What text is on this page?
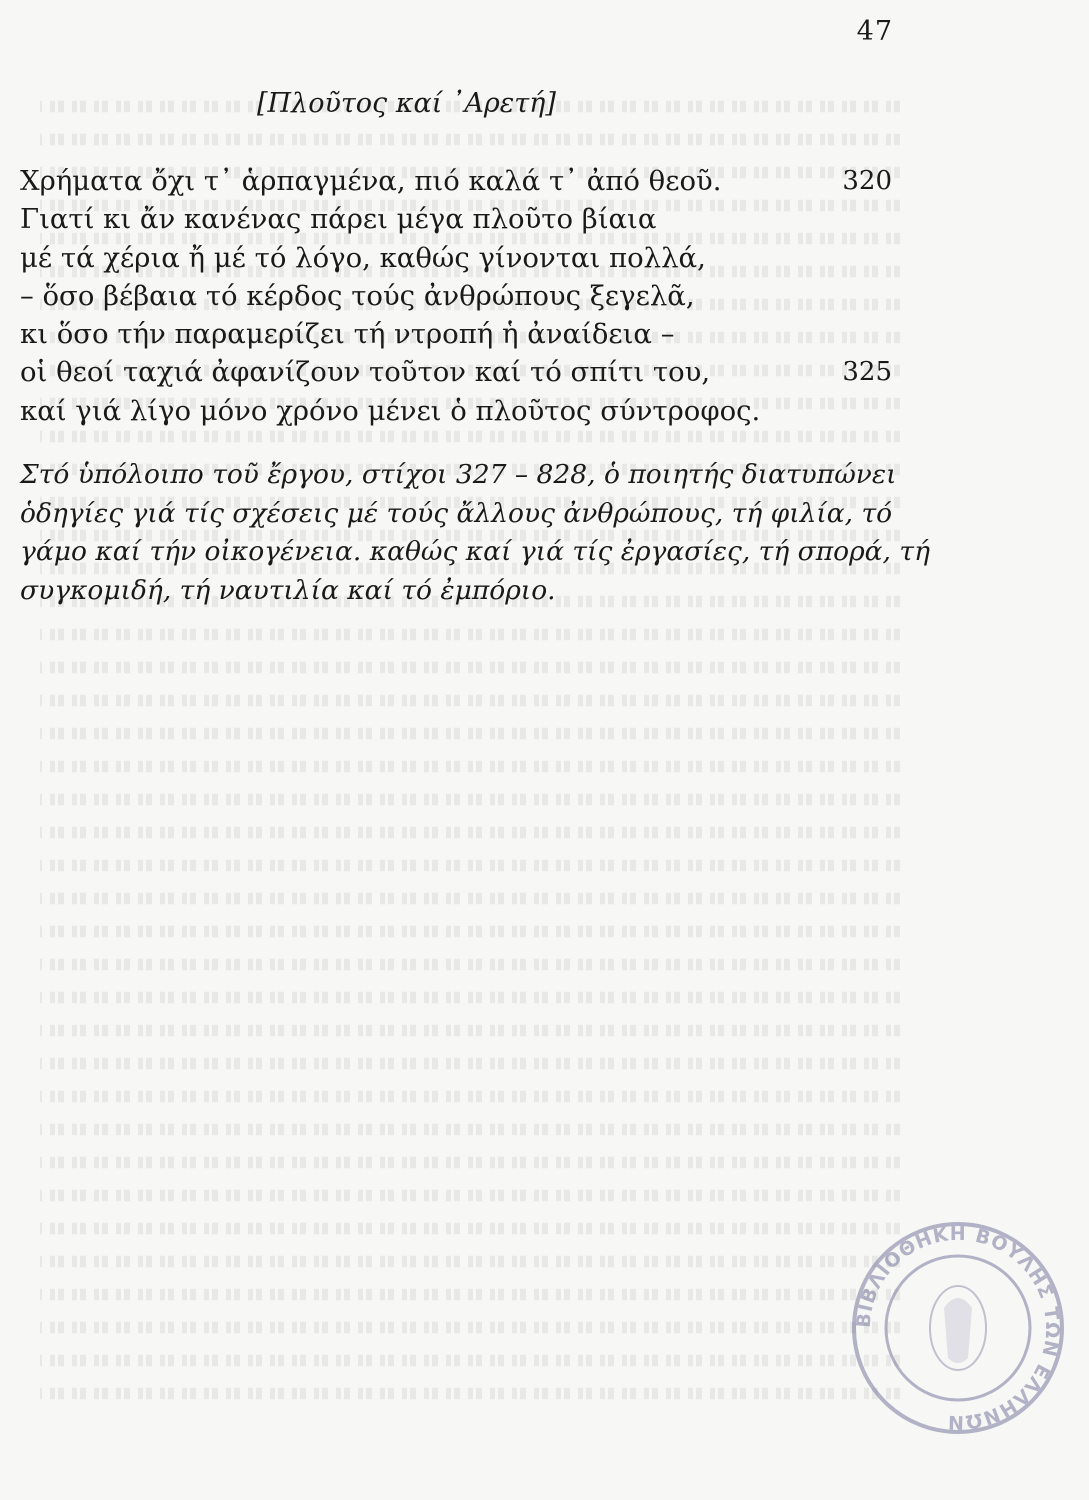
47
[Πλοῦτος καί ᾿Αρετή]
Χρήματα ὄχι τ᾿ ἁρπαγμένα, πιό καλά τ᾿ ἀπό θεοῦ.	320
Γιατί κι ἄν κανένας πάρει μέγα πλοῦτο βίαια
μέ τά χέρια ἤ μέ τό λόγο, καθώς γίνονται πολλά,
– ὅσο βέβαια τό κέρδος τούς ἀνθρώπους ξεγελᾶ,
κι ὅσο τήν παραμερίζει τή ντροπή ἡ ἀναίδεια –
οἱ θεοί ταχιά ἀφανίζουν τοῦτον καί τό σπίτι του,	325
καί γιά λίγο μόνο χρόνο μένει ὁ πλοῦτος σύντροφος.
Στό ὑπόλοιπο τοῦ ἔργου, στίχοι 327 – 828, ὁ ποιητής διατυπώνει
ὁδηγίες γιά τίς σχέσεις μέ τούς ἄλλους ἀνθρώπους, τή φιλία, τό
γάμο καί τήν οἰκογένεια. καθώς καί γιά τίς ἐργασίες, τή σπορά, τή
συγκομιδή, τή ναυτιλία καί τό ἐμπόριο.
ΒΙΒΛΙΟΘΗΚΗ ΒΟΥΛΗΣ ΤΩΝ ΕΛΛΗΝΩΝ
